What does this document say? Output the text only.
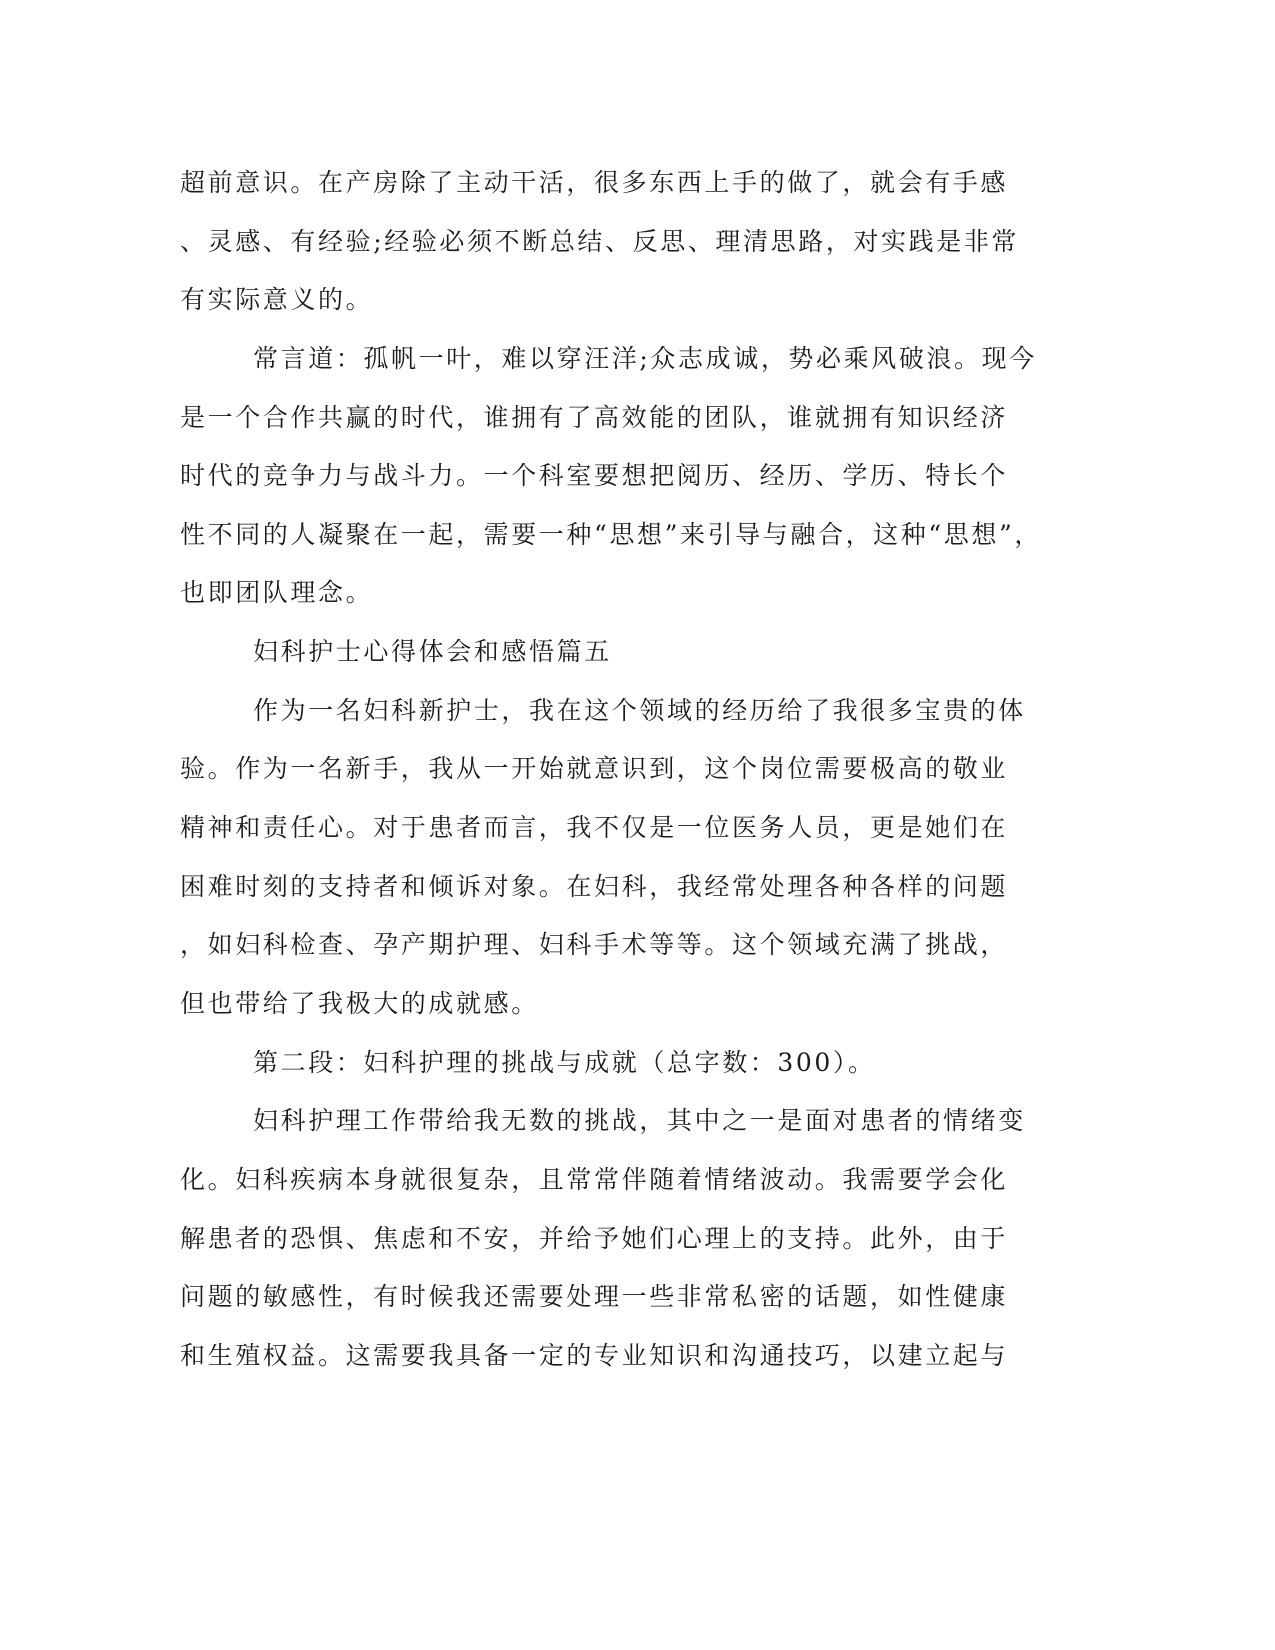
超前意识。在产房除了主动干活，很多东西上手的做了，就会有手感
、灵感、有经验;经验必须不断总结、反思、理清思路，对实践是非常
有实际意义的。
常言道：孤帆一叶，难以穿汪洋;众志成诚，势必乘风破浪。现今
是一个合作共赢的时代，谁拥有了高效能的团队，谁就拥有知识经济
时代的竞争力与战斗力。一个科室要想把阅历、经历、学历、特长个
性不同的人凝聚在一起，需要一种“思想”来引导与融合，这种“思想”，
也即团队理念。
妇科护士心得体会和感悟篇五
作为一名妇科新护士，我在这个领域的经历给了我很多宝贵的体
验。作为一名新手，我从一开始就意识到，这个岗位需要极高的敬业
精神和责任心。对于患者而言，我不仅是一位医务人员，更是她们在
困难时刻的支持者和倾诉对象。在妇科，我经常处理各种各样的问题
，如妇科检查、孕产期护理、妇科手术等等。这个领域充满了挑战，
但也带给了我极大的成就感。
第二段：妇科护理的挑战与成就（总字数：300）。
妇科护理工作带给我无数的挑战，其中之一是面对患者的情绪变
化。妇科疾病本身就很复杂，且常常伴随着情绪波动。我需要学会化
解患者的恐惧、焦虑和不安，并给予她们心理上的支持。此外，由于
问题的敏感性，有时候我还需要处理一些非常私密的话题，如性健康
和生殖权益。这需要我具备一定的专业知识和沟通技巧，以建立起与
